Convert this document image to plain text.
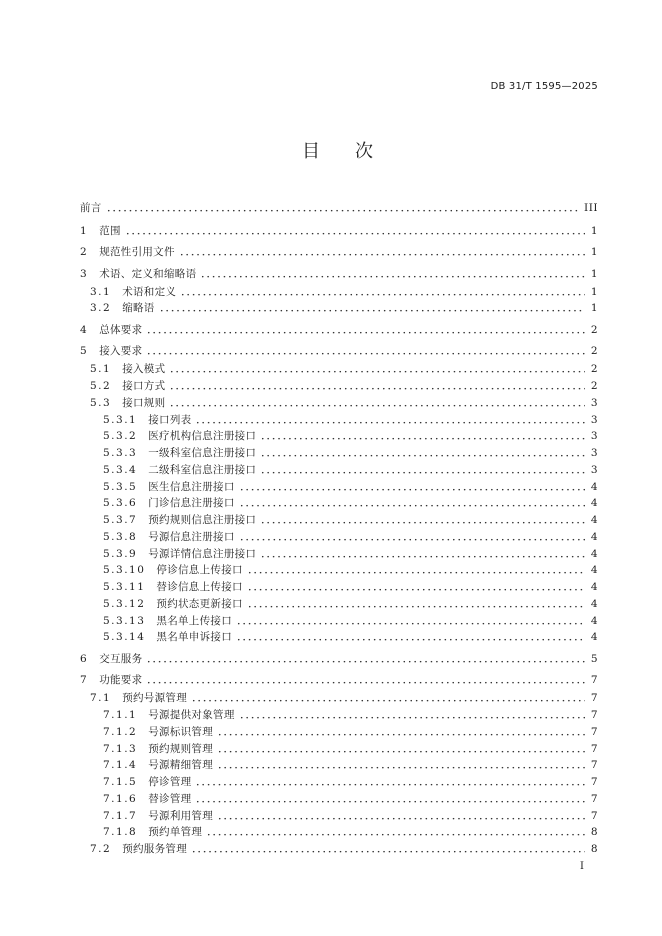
DB 31/T 1595—2025
目次
前言	III
1 范围	1
2 规范性引用文件	1
3 术语、定义和缩略语	1
3.1 术语和定义	1
3.2 缩略语	1
4 总体要求	2
5 接入要求	2
5.1 接入模式	2
5.2 接口方式	2
5.3 接口规则	3
5.3.1 接口列表	3
5.3.2 医疗机构信息注册接口	3
5.3.3 一级科室信息注册接口	3
5.3.4 二级科室信息注册接口	3
5.3.5 医生信息注册接口	4
5.3.6 门诊信息注册接口	4
5.3.7 预约规则信息注册接口	4
5.3.8 号源信息注册接口	4
5.3.9 号源详情信息注册接口	4
5.3.10 停诊信息上传接口	4
5.3.11 替诊信息上传接口	4
5.3.12 预约状态更新接口	4
5.3.13 黑名单上传接口	4
5.3.14 黑名单申诉接口	4
6 交互服务	5
7 功能要求	7
7.1 预约号源管理	7
7.1.1 号源提供对象管理	7
7.1.2 号源标识管理	7
7.1.3 预约规则管理	7
7.1.4 号源精细管理	7
7.1.5 停诊管理	7
7.1.6 替诊管理	7
7.1.7 号源利用管理	7
7.1.8 预约单管理	8
7.2 预约服务管理	8
I
